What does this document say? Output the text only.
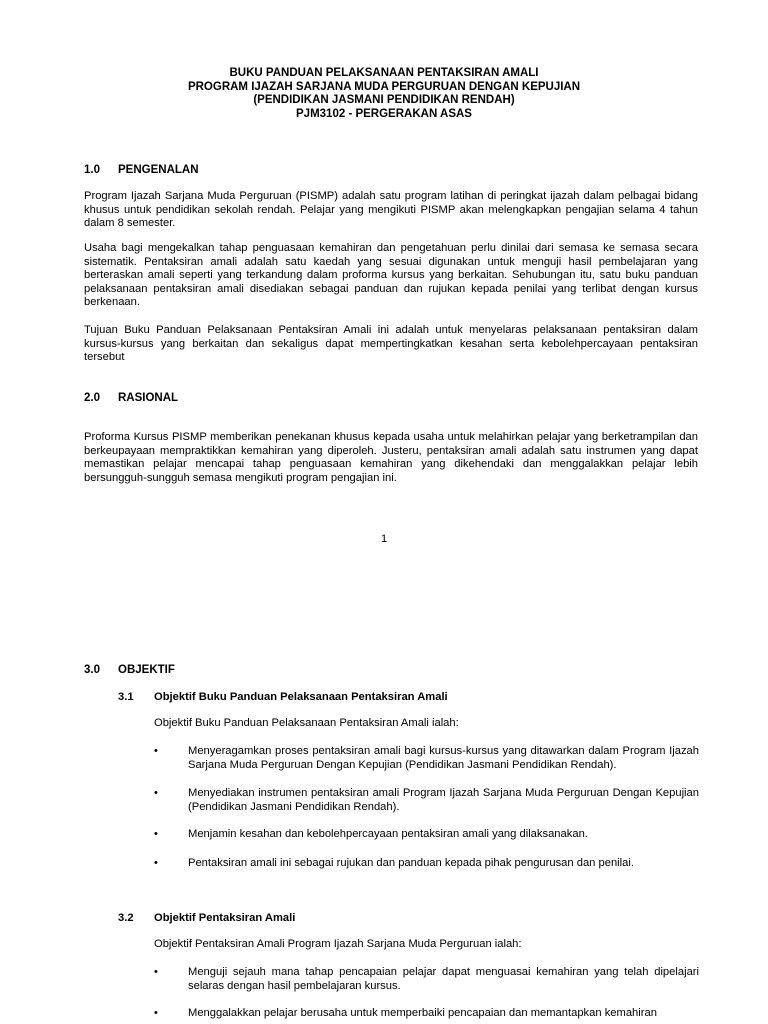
BUKU PANDUAN PELAKSANAAN PENTAKSIRAN AMALI
PROGRAM IJAZAH SARJANA MUDA PERGURUAN DENGAN KEPUJIAN
(PENDIDIKAN JASMANI PENDIDIKAN RENDAH)
PJM3102 - PERGERAKAN ASAS
1.0 PENGENALAN
Program Ijazah Sarjana Muda Perguruan (PISMP) adalah satu program latihan di peringkat ijazah dalam pelbagai bidang khusus untuk pendidikan sekolah rendah. Pelajar yang mengikuti PISMP akan melengkapkan pengajian selama 4 tahun dalam 8 semester.
Usaha bagi mengekalkan tahap penguasaan kemahiran dan pengetahuan perlu dinilai dari semasa ke semasa secara sistematik. Pentaksiran amali adalah satu kaedah yang sesuai digunakan untuk menguji hasil pembelajaran yang berteraskan amali seperti yang terkandung dalam proforma kursus yang berkaitan. Sehubungan itu, satu buku panduan pelaksanaan pentaksiran amali disediakan sebagai panduan dan rujukan kepada penilai yang terlibat dengan kursus berkenaan.
Tujuan Buku Panduan Pelaksanaan Pentaksiran Amali ini adalah untuk menyelaras pelaksanaan pentaksiran dalam kursus-kursus yang berkaitan dan sekaligus dapat mempertingkatkan kesahan serta kebolehpercayaan pentaksiran tersebut
2.0 RASIONAL
Proforma Kursus PISMP memberikan penekanan khusus kepada usaha untuk melahirkan pelajar yang berketrampilan dan berkeupayaan mempraktikkan kemahiran yang diperoleh. Justeru, pentaksiran amali adalah satu instrumen yang dapat memastikan pelajar mencapai tahap penguasaan kemahiran yang dikehendaki dan menggalakkan pelajar lebih bersungguh-sungguh semasa mengikuti program pengajian ini.
1
3.0 OBJEKTIF
3.1 Objektif Buku Panduan Pelaksanaan Pentaksiran Amali
Objektif Buku Panduan Pelaksanaan Pentaksiran Amali ialah:
•	Menyeragamkan proses pentaksiran amali bagi kursus-kursus yang ditawarkan dalam Program Ijazah Sarjana Muda Perguruan Dengan Kepujian (Pendidikan Jasmani Pendidikan Rendah).
•	Menyediakan instrumen pentaksiran amali Program Ijazah Sarjana Muda Perguruan Dengan Kepujian (Pendidikan Jasmani Pendidikan Rendah).
•	Menjamin kesahan dan kebolehpercayaan pentaksiran amali yang dilaksanakan.
•	Pentaksiran amali ini sebagai rujukan dan panduan kepada pihak pengurusan dan penilai.
3.2 Objektif Pentaksiran Amali
Objektif Pentaksiran Amali Program Ijazah Sarjana Muda Perguruan ialah:
•	Menguji sejauh mana tahap pencapaian pelajar dapat menguasai kemahiran yang telah dipelajari selaras dengan hasil pembelajaran kursus.
•	Menggalakkan pelajar berusaha untuk memperbaiki pencapaian dan memantapkan kemahiran
